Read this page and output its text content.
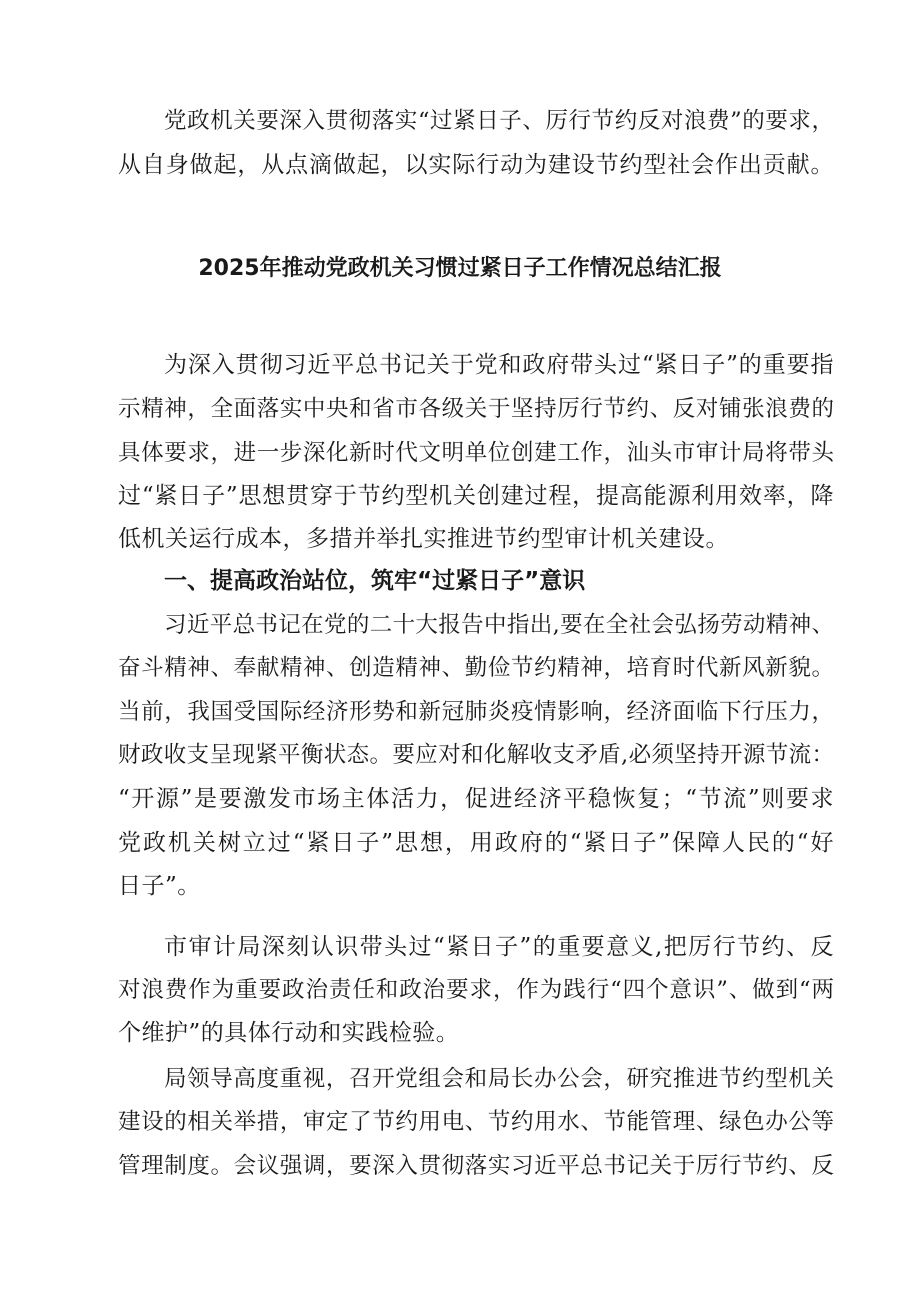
党政机关要深入贯彻落实“过紧日子、厉行节约反对浪费”的要求，
从自身做起，从点滴做起，以实际行动为建设节约型社会作出贡献。
2025年推动党政机关习惯过紧日子工作情况总结汇报
为深入贯彻习近平总书记关于党和政府带头过“紧日子”的重要指
示精神，全面落实中央和省市各级关于坚持厉行节约、反对铺张浪费的
具体要求，进一步深化新时代文明单位创建工作，汕头市审计局将带头
过“紧日子”思想贯穿于节约型机关创建过程，提高能源利用效率，降
低机关运行成本，多措并举扎实推进节约型审计机关建设。
一、提高政治站位，筑牢“过紧日子”意识
习近平总书记在党的二十大报告中指出,要在全社会弘扬劳动精神、
奋斗精神、奉献精神、创造精神、勤俭节约精神，培育时代新风新貌。
当前，我国受国际经济形势和新冠肺炎疫情影响，经济面临下行压力，
财政收支呈现紧平衡状态。要应对和化解收支矛盾,必须坚持开源节流：
“开源”是要激发市场主体活力，促进经济平稳恢复；“节流”则要求
党政机关树立过“紧日子”思想，用政府的“紧日子”保障人民的“好
日子”。
市审计局深刻认识带头过“紧日子”的重要意义,把厉行节约、反
对浪费作为重要政治责任和政治要求，作为践行“四个意识”、做到“两
个维护”的具体行动和实践检验。
局领导高度重视，召开党组会和局长办公会，研究推进节约型机关
建设的相关举措，审定了节约用电、节约用水、节能管理、绿色办公等
管理制度。会议强调，要深入贯彻落实习近平总书记关于厉行节约、反
